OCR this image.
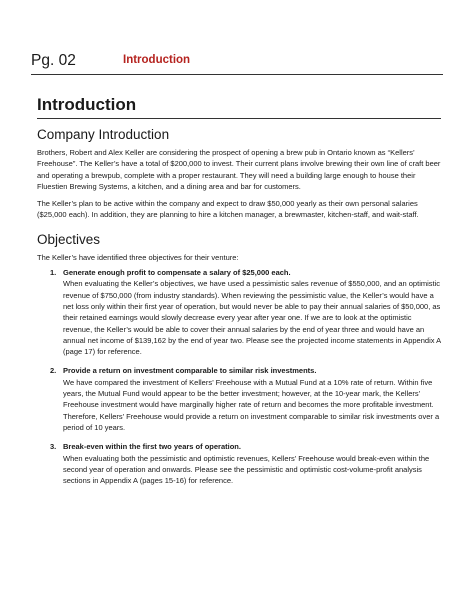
Pg. 02	Introduction
Introduction
Company Introduction

Brothers, Robert and Alex Keller are considering the prospect of opening a brew pub in Ontario known as “Kellers’ Freehouse”. The Keller’s have a total of $200,000 to invest. Their current plans involve brewing their own line of craft beer and operating a brewpub, complete with a proper restaurant. They will need a building large enough to house their Fluestien Brewing Systems, a kitchen, and a dining area and bar for customers.

The Keller’s plan to be active within the company and expect to draw $50,000 yearly as their own personal salaries ($25,000 each). In addition, they are planning to hire a kitchen manager, a brewmaster, kitchen-staff, and wait-staff.

Objectives

The Keller’s have identified three objectives for their venture:

1. Generate enough profit to compensate a salary of $25,000 each.
When evaluating the Keller’s objectives, we have used a pessimistic sales revenue of $550,000, and an optimistic revenue of $750,000 (from industry standards). When reviewing the pessimistic value, the Keller’s would have a net loss only within their first year of operation, but would never be able to pay their annual salaries of $50,000, as their retained earnings would slowly decrease every year after year one. If we are to look at the optimistic revenue, the Keller’s would be able to cover their annual salaries by the end of year three and would have an annual net income of $139,162 by the end of year two. Please see the projected income statements in Appendix A (page 17) for reference.
2. Provide a return on investment comparable to similar risk investments.
We have compared the investment of Kellers’ Freehouse with a Mutual Fund at a 10% rate of return. Within five years, the Mutual Fund would appear to be the better investment; however, at the 10-year mark, the Kellers’ Freehouse investment would have marginally higher rate of return and becomes the more profitable investment. Therefore, Kellers’ Freehouse would provide a return on investment comparable to similar risk investments over a period of 10 years.
3. Break-even within the first two years of operation.
When evaluating both the pessimistic and optimistic revenues, Kellers’ Freehouse would break-even within the second year of operation and onwards. Please see the pessimistic and optimistic cost-volume-profit analysis sections in Appendix A (pages 15-16) for reference.
